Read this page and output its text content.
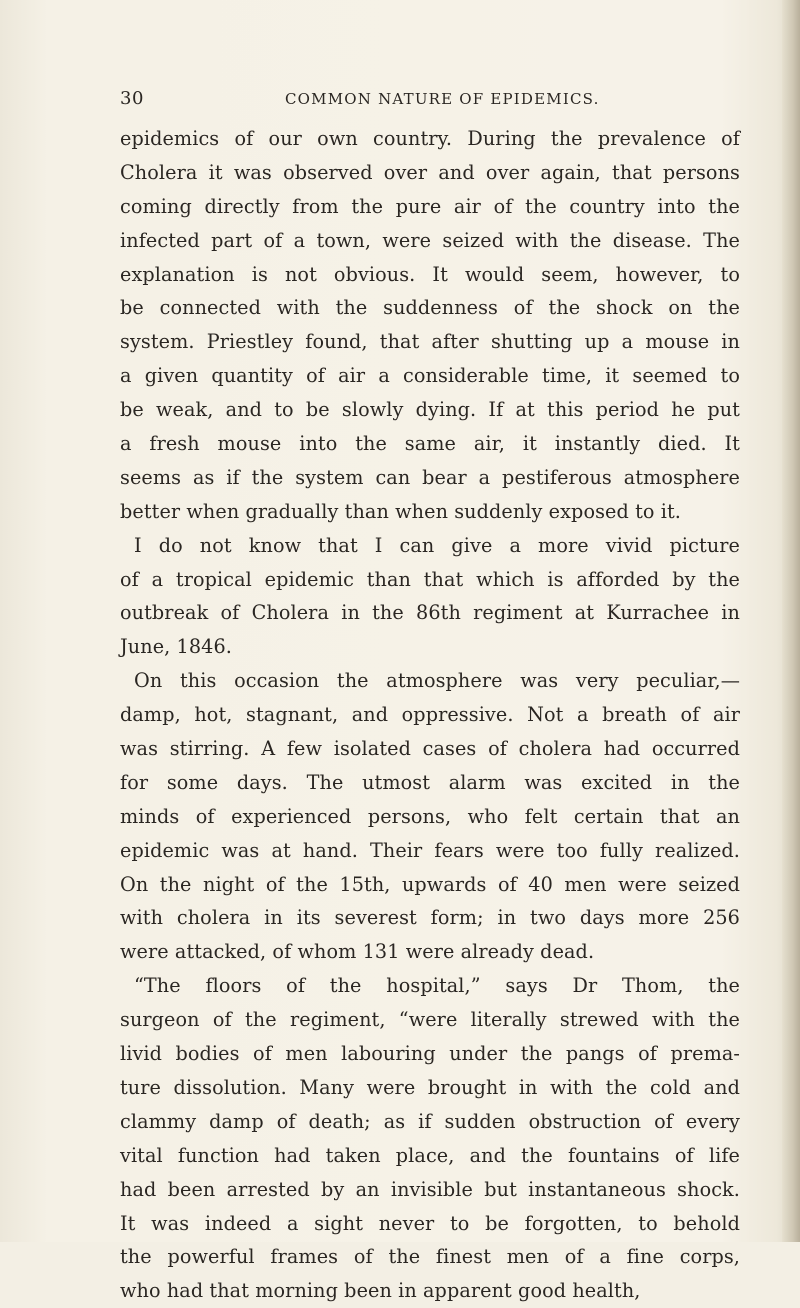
30	COMMON NATURE OF EPIDEMICS.
epidemics of our own country. During the prevalence of
Cholera it was observed over and over again, that persons
coming directly from the pure air of the country into the
infected part of a town, were seized with the disease. The
explanation is not obvious. It would seem, however, to
be connected with the suddenness of the shock on the
system. Priestley found, that after shutting up a mouse in
a given quantity of air a considerable time, it seemed to
be weak, and to be slowly dying. If at this period he put
a fresh mouse into the same air, it instantly died. It
seems as if the system can bear a pestiferous atmosphere
better when gradually than when suddenly exposed to it.
I do not know that I can give a more vivid picture
of a tropical epidemic than that which is afforded by the
outbreak of Cholera in the 86th regiment at Kurrachee in
June, 1846.
On this occasion the atmosphere was very peculiar,—
damp, hot, stagnant, and oppressive. Not a breath of air
was stirring. A few isolated cases of cholera had occurred
for some days. The utmost alarm was excited in the
minds of experienced persons, who felt certain that an
epidemic was at hand. Their fears were too fully realized.
On the night of the 15th, upwards of 40 men were seized
with cholera in its severest form; in two days more 256
were attacked, of whom 131 were already dead.
“The floors of the hospital,” says Dr Thom, the
surgeon of the regiment, “were literally strewed with the
livid bodies of men labouring under the pangs of prema-
ture dissolution. Many were brought in with the cold and
clammy damp of death; as if sudden obstruction of every
vital function had taken place, and the fountains of life
had been arrested by an invisible but instantaneous shock.
It was indeed a sight never to be forgotten, to behold
the powerful frames of the finest men of a fine corps,
who had that morning been in apparent good health,
